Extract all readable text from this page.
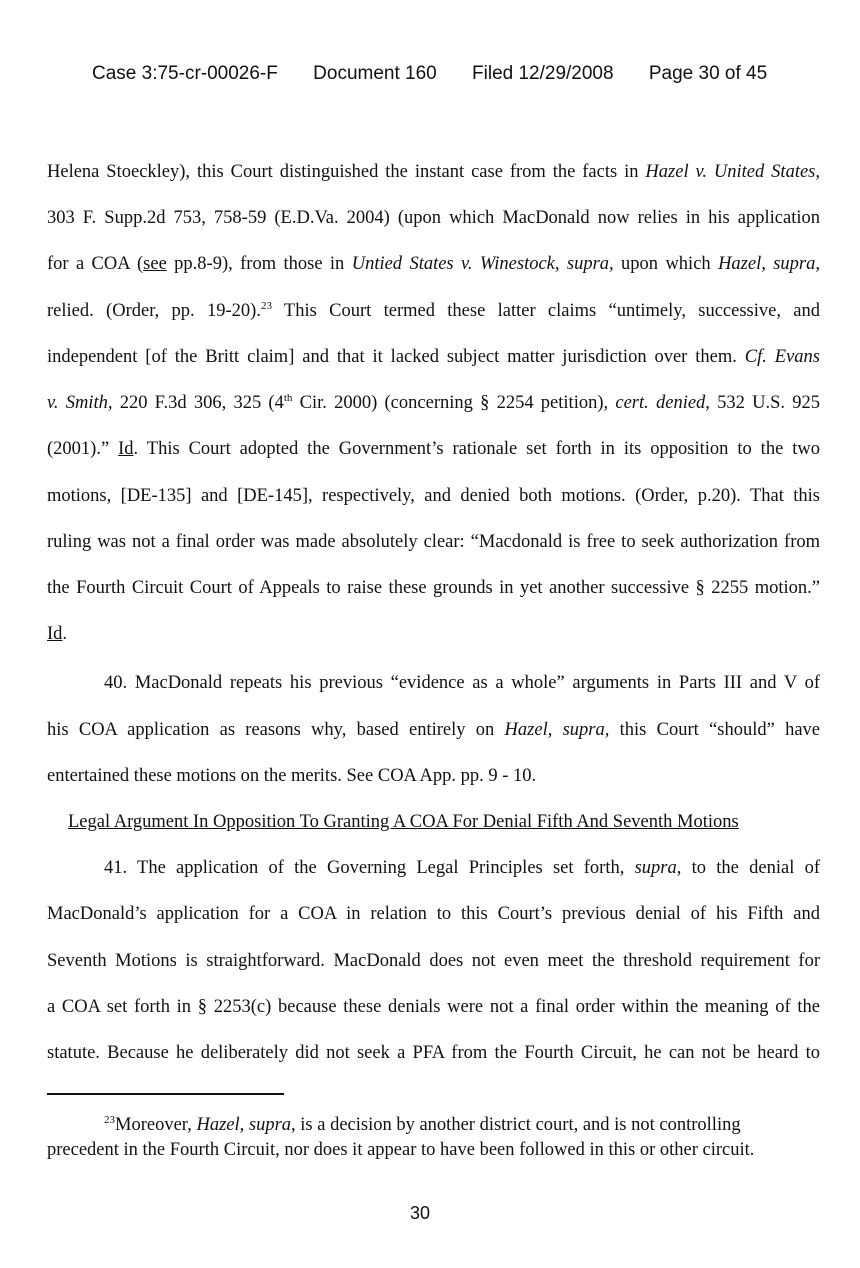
Case 3:75-cr-00026-F Document 160 Filed 12/29/2008 Page 30 of 45
Helena Stoeckley), this Court distinguished the instant case from the facts in Hazel v. United States,
303 F. Supp.2d 753, 758-59 (E.D.Va. 2004) (upon which MacDonald now relies in his application
for a COA (see pp.8-9), from those in Untied States v. Winestock, supra, upon which Hazel, supra,
relied. (Order, pp. 19-20).$^{23}$ This Court termed these latter claims “untimely, successive, and
independent [of the Britt claim] and that it lacked subject matter jurisdiction over them. Cf. Evans
v. Smith, 220 F.3d 306, 325 (4th Cir. 2000) (concerning § 2254 petition), cert. denied, 532 U.S. 925
(2001).” Id. This Court adopted the Government’s rationale set forth in its opposition to the two
motions, [DE-135] and [DE-145], respectively, and denied both motions. (Order, p.20). That this
ruling was not a final order was made absolutely clear: “Macdonald is free to seek authorization from
the Fourth Circuit Court of Appeals to raise these grounds in yet another successive § 2255 motion.”
Id.
40. MacDonald repeats his previous “evidence as a whole” arguments in Parts III and V of
his COA application as reasons why, based entirely on Hazel, supra, this Court “should” have
entertained these motions on the merits. See COA App. pp. 9 - 10.
Legal Argument In Opposition To Granting A COA For Denial Fifth And Seventh Motions
41. The application of the Governing Legal Principles set forth, supra, to the denial of
MacDonald’s application for a COA in relation to this Court’s previous denial of his Fifth and
Seventh Motions is straightforward. MacDonald does not even meet the threshold requirement for
a COA set forth in § 2253(c) because these denials were not a final order within the meaning of the
statute. Because he deliberately did not seek a PFA from the Fourth Circuit, he can not be heard to
$^{23}$Moreover, Hazel, supra, is a decision by another district court, and is not controlling
precedent in the Fourth Circuit, nor does it appear to have been followed in this or other circuit.
30
